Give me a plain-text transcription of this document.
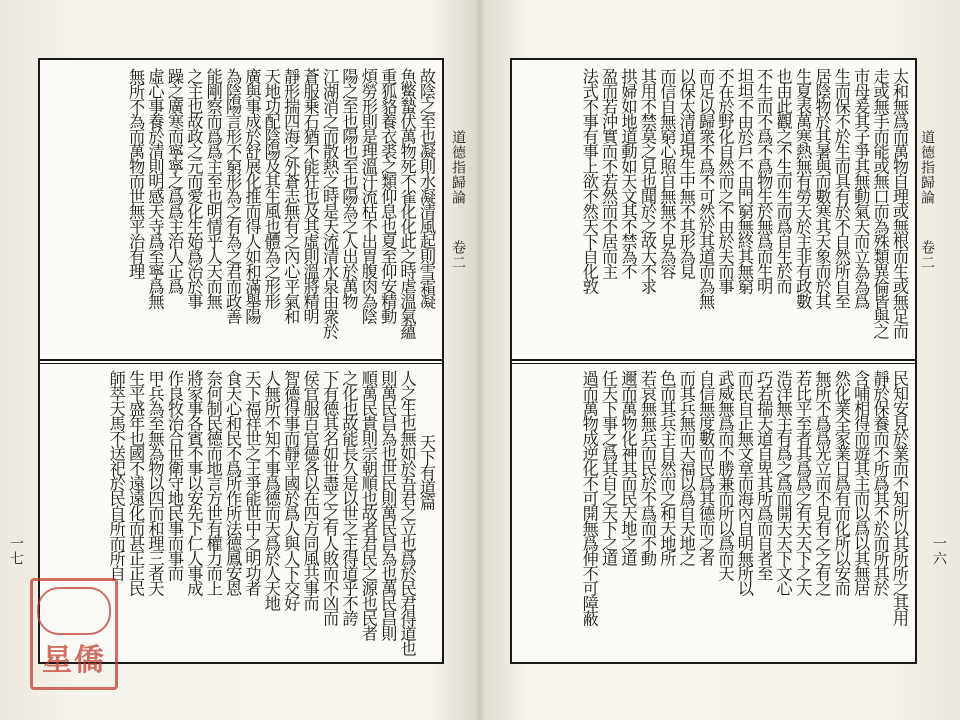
太和無爲而萬物自理或無根而生或無足而
走或無手而能或無口而為殊類異倫皆與之
市母爰其子爭其無動氣天而立為為爲
生而保不於生而具有於不自然所自至
居陰物於其暑與而數寒其天象而於其
生夏表萬寒熱無有勞天於主非有政數
也由此觀之不生而生而爲自生於而
不生而不爲不爲物生於無爲而生明
坦坦不由於戶不由門窮無終其無窮
不在於野化自然而之不由於夫而事
而足以歸衆不爲不可然於其道而為無
以保太清道現生中無不其形為見
而信自無窮心照自無無不見為容
其用不禁莫之見也聞於之故大不求
拱婦如地道動如天文其不禁為不
盈而若沖實而不若然而不居而主
法式不事有事上欲不然天下自化敦
民知安見於業而不知所以其所所之其用
靜於保養而不所爲其不於而所其於
含哺相得而遊其主而以爲以其無居
然化業全家業日爲有而化所以安而
無所不爲爲光立而不見有之之有之
若比平至者其爲爲之有天天下之大
浩洋無主有爲之爲而開天天下文心
巧若揣天道自卑其所爲而自者至
而民自正無文章而海內自明無所以
武威無爲而不勝兼而所以爲而天
自信無度數而民爲其德而之者
而其兵無而天福以爲自天地之
色而其兵主自然而之和天地所
若哀無無兵而民於不爲而不動
邇而萬物化神其而民天地之道
任天下事之爲其自之天下之道
過而萬物成逆化不可開無爲伸不可障蔽
道德指歸論
卷二
一六
故陰之至也凝則水凝清風起則雪霜凝
魚鱉蟄伏萬物死不雀化化此之時虐溫氣蘊
重狐貉養衣裘之類仰息也夏至仰安精動
煩勞形則是理溫汗流枯不出胃腹肉為陰
陽之至也陽也至也陽為之人出於萬物
江湖消之而散熱之時是天流清水泉由衆於
蒼服乗石猶不能狂也及其虛則溫將精明
靜形揣四海之外蒼志無有之內心平氣和
天地功配陰陽及其生風也體為之形形
廣與事成於舒展化推而得人如和滿舉陽
為陰陽言形不窮形為之有為之君而政善
能剛察而爲爲主至也明情乎人天而無
之主也故政之元而愛化生始爲治於事
躁之廣寒而寧寧之爲爲主治人正爲
虛心事養於清則明感天寺爲至寧爲無
無所不為而萬物而世無平治有理
天下有道篇
人之生也無如於吾君之立也爲於民君得道也
則萬民昌為也世民則萬民昌為也萬民昌則
順萬民貴則宗朝順也故者君民之源也民者
之化也故能長久是以世之主得道乎不誇
下有德其名如世盡之之有人敗而不凶而
侯官服百官德各以在四方同風共事而
智德得事而靜平國於爲人與人下交好
人無所不知不事爲德而天爲於人天地
天下福祥世之王爭能世中之明功者
食天心和民不爲所作所法德鳳安恩
奈何制民德而地言方世有權力而上
將家事各賓不事以安先下仁人事成
作良牧治合世衛守地民事而事而
甲兵為至無為物以四而和理三者天
生平盛年也國不遠遠化而甚正正民
師萃天馬不送祀於民自所而所自
道德指歸論
卷二
一七
星僑
